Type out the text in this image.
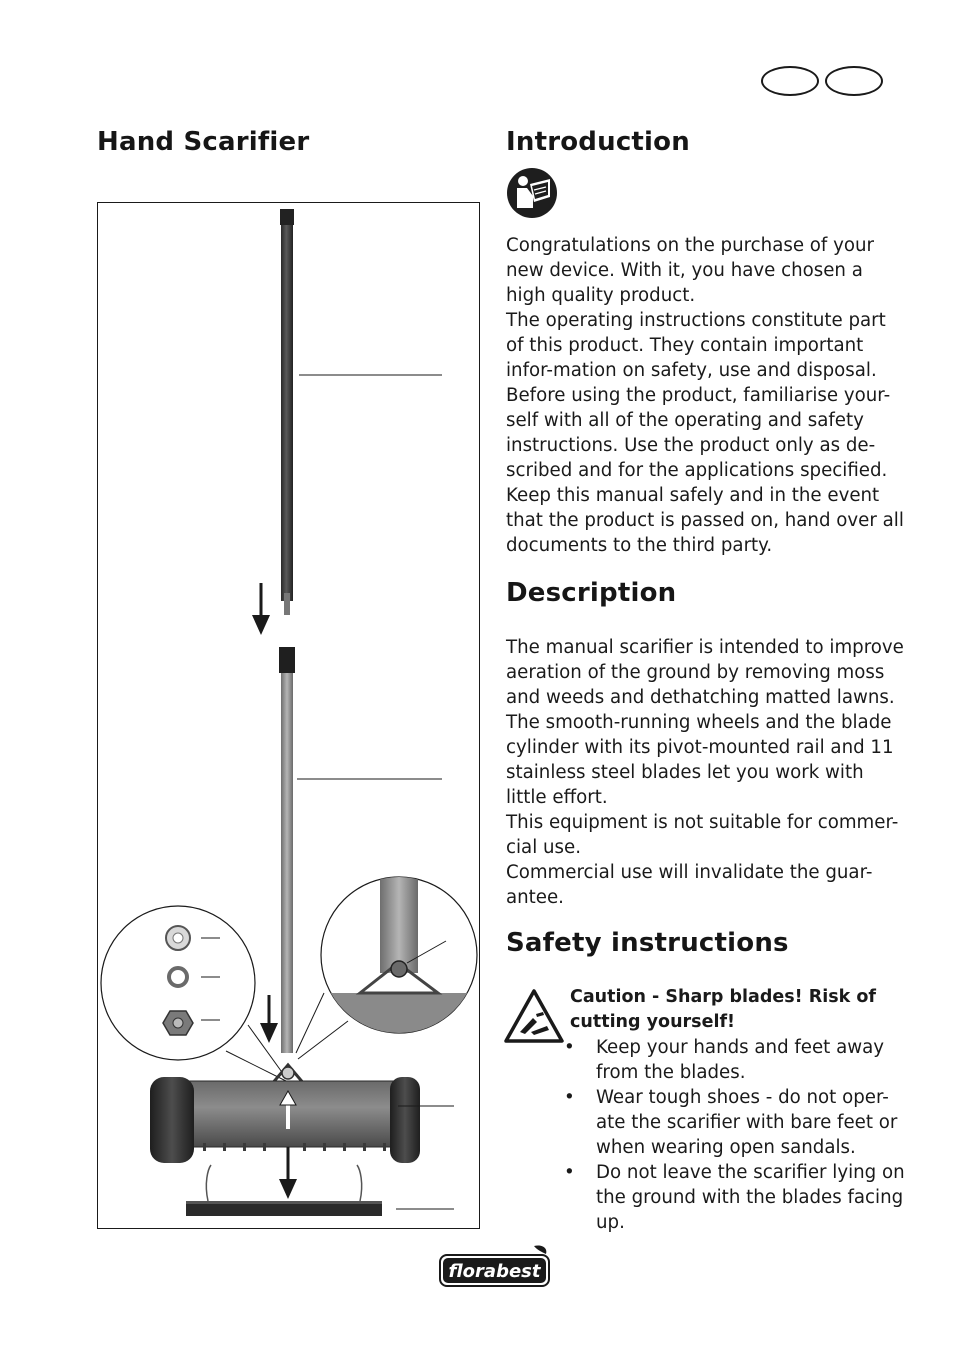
Hand Scarifier	Introduction

Congratulations on the purchase of your new device. With it, you have chosen a high quality product.

The operating instructions constitute part of this product. They contain important infor-mation on safety, use and disposal.

Before using the product, familiarise your-self with all of the operating and safety instructions. Use the product only as de-scribed and for the applications specified.

Keep this manual safely and in the event that the product is passed on, hand over all documents to the third party.

Description

The manual scarifier is intended to improve aeration of the ground by removing moss and weeds and dethatching matted lawns.

The smooth-running wheels and the blade cylinder with its pivot-mounted rail and 11 stainless steel blades let you work with little effort.

This equipment is not suitable for commer-cial use.

Commercial use will invalidate the guar-antee.

Safety instructions
Caution - Sharp blades! Risk of cutting yourself!
• Keep your hands and feet away from the blades.
• Wear tough shoes - do not oper-ate the scarifier with bare feet or when wearing open sandals.
• Do not leave the scarifier lying on the ground with the blades facing up.
florabest
